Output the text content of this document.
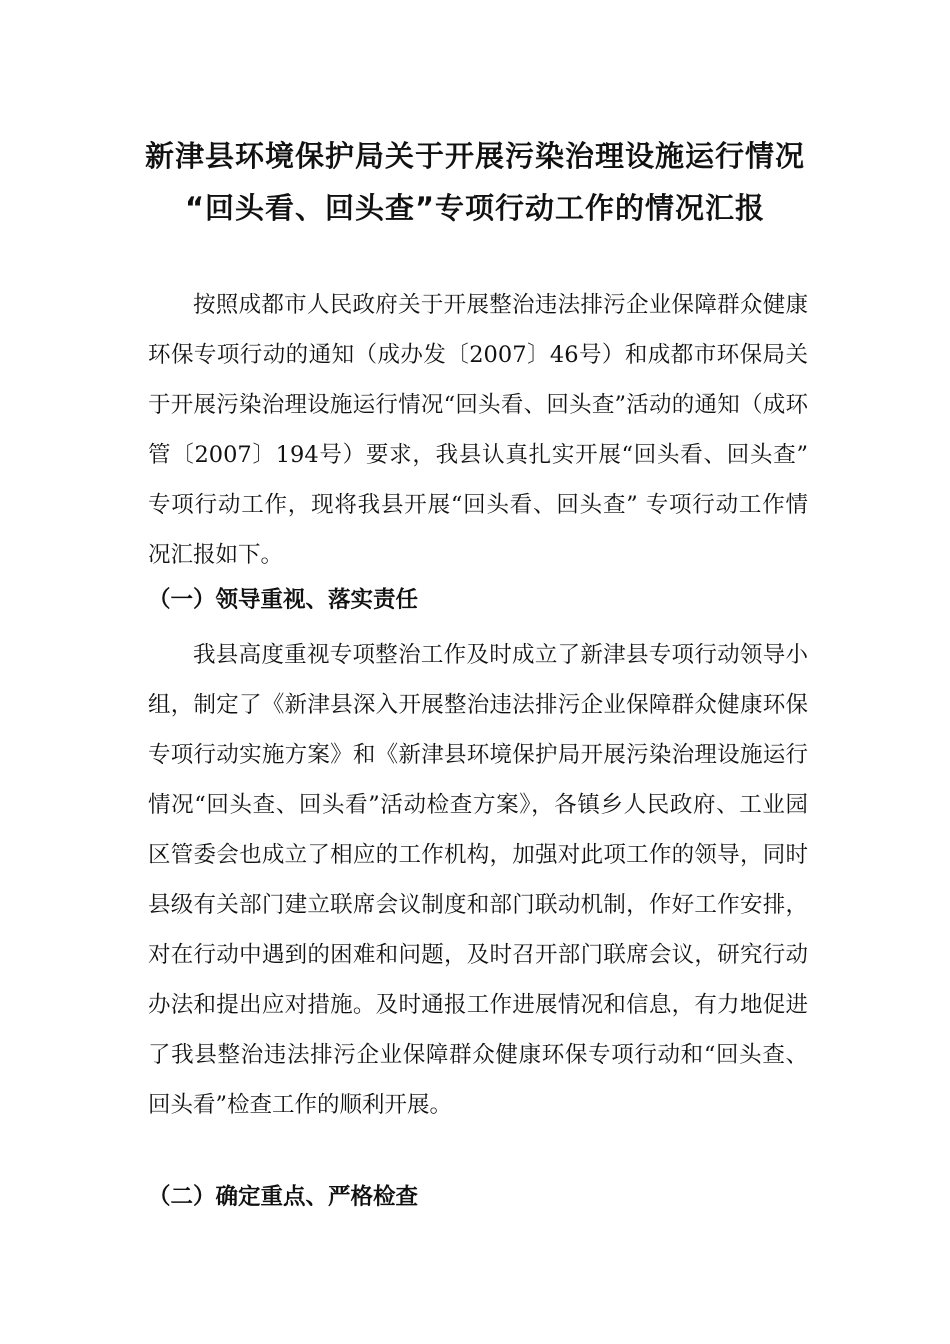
新津县环境保护局关于开展污染治理设施运行情况
“回头看、回头查”专项行动工作的情况汇报
按照成都市人民政府关于开展整治违法排污企业保障群众健康环保专项行动的通知（成办发〔2007〕46号）和成都市环保局关于开展污染治理设施运行情况“回头看、回头查”活动的通知（成环管〔2007〕194号）要求，我县认真扎实开展“回头看、回头查” 专项行动工作，现将我县开展“回头看、回头查” 专项行动工作情况汇报如下。
（一）领导重视、落实责任
我县高度重视专项整治工作及时成立了新津县专项行动领导小组，制定了《新津县深入开展整治违法排污企业保障群众健康环保专项行动实施方案》和《新津县环境保护局开展污染治理设施运行情况“回头查、回头看”活动检查方案》，各镇乡人民政府、工业园区管委会也成立了相应的工作机构，加强对此项工作的领导，同时县级有关部门建立联席会议制度和部门联动机制，作好工作安排，对在行动中遇到的困难和问题，及时召开部门联席会议，研究行动办法和提出应对措施。及时通报工作进展情况和信息，有力地促进了我县整治违法排污企业保障群众健康环保专项行动和“回头查、回头看”检查工作的顺利开展。
（二）确定重点、严格检查
